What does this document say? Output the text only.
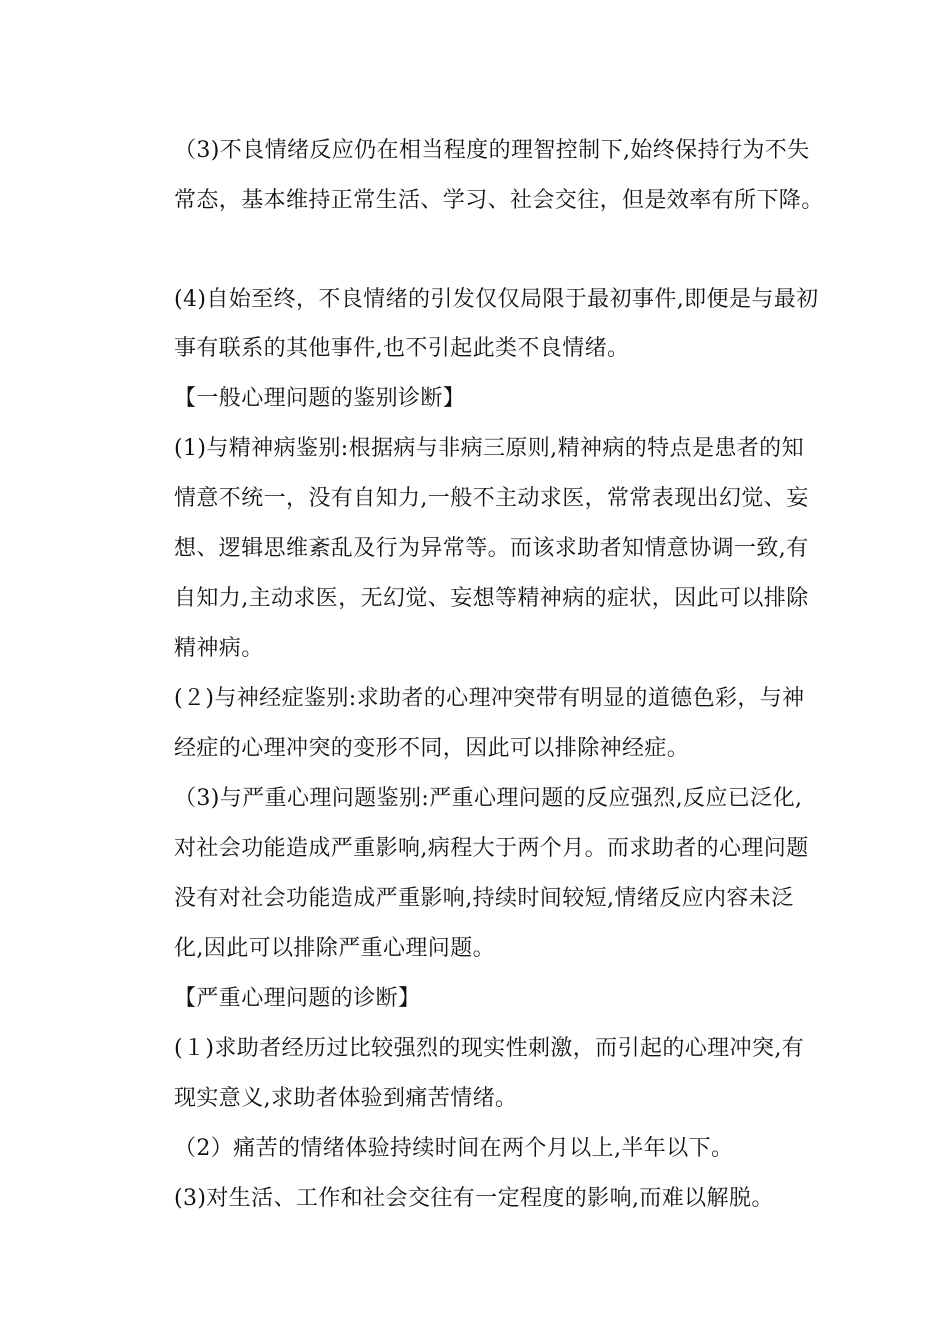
（3)不良情绪反应仍在相当程度的理智控制下,始终保持行为不失
常态，基本维持正常生活、学习、社会交往，但是效率有所下降。
(4)自始至终，不良情绪的引发仅仅局限于最初事件,即便是与最初
事有联系的其他事件,也不引起此类不良情绪。
【一般心理问题的鉴别诊断】
(1)与精神病鉴别:根据病与非病三原则,精神病的特点是患者的知
情意不统一，没有自知力,一般不主动求医，常常表现出幻觉、妄
想、逻辑思维紊乱及行为异常等。而该求助者知情意协调一致,有
自知力,主动求医，无幻觉、妄想等精神病的症状，因此可以排除
精神病。
(２)与神经症鉴别:求助者的心理冲突带有明显的道德色彩，与神
经症的心理冲突的变形不同，因此可以排除神经症。
（3)与严重心理问题鉴别:严重心理问题的反应强烈,反应已泛化,
对社会功能造成严重影响,病程大于两个月。而求助者的心理问题
没有对社会功能造成严重影响,持续时间较短,情绪反应内容未泛
化,因此可以排除严重心理问题。
【严重心理问题的诊断】
(１)求助者经历过比较强烈的现实性刺激，而引起的心理冲突,有
现实意义,求助者体验到痛苦情绪。
（2）痛苦的情绪体验持续时间在两个月以上,半年以下。
(3)对生活、工作和社会交往有一定程度的影响,而难以解脱。
